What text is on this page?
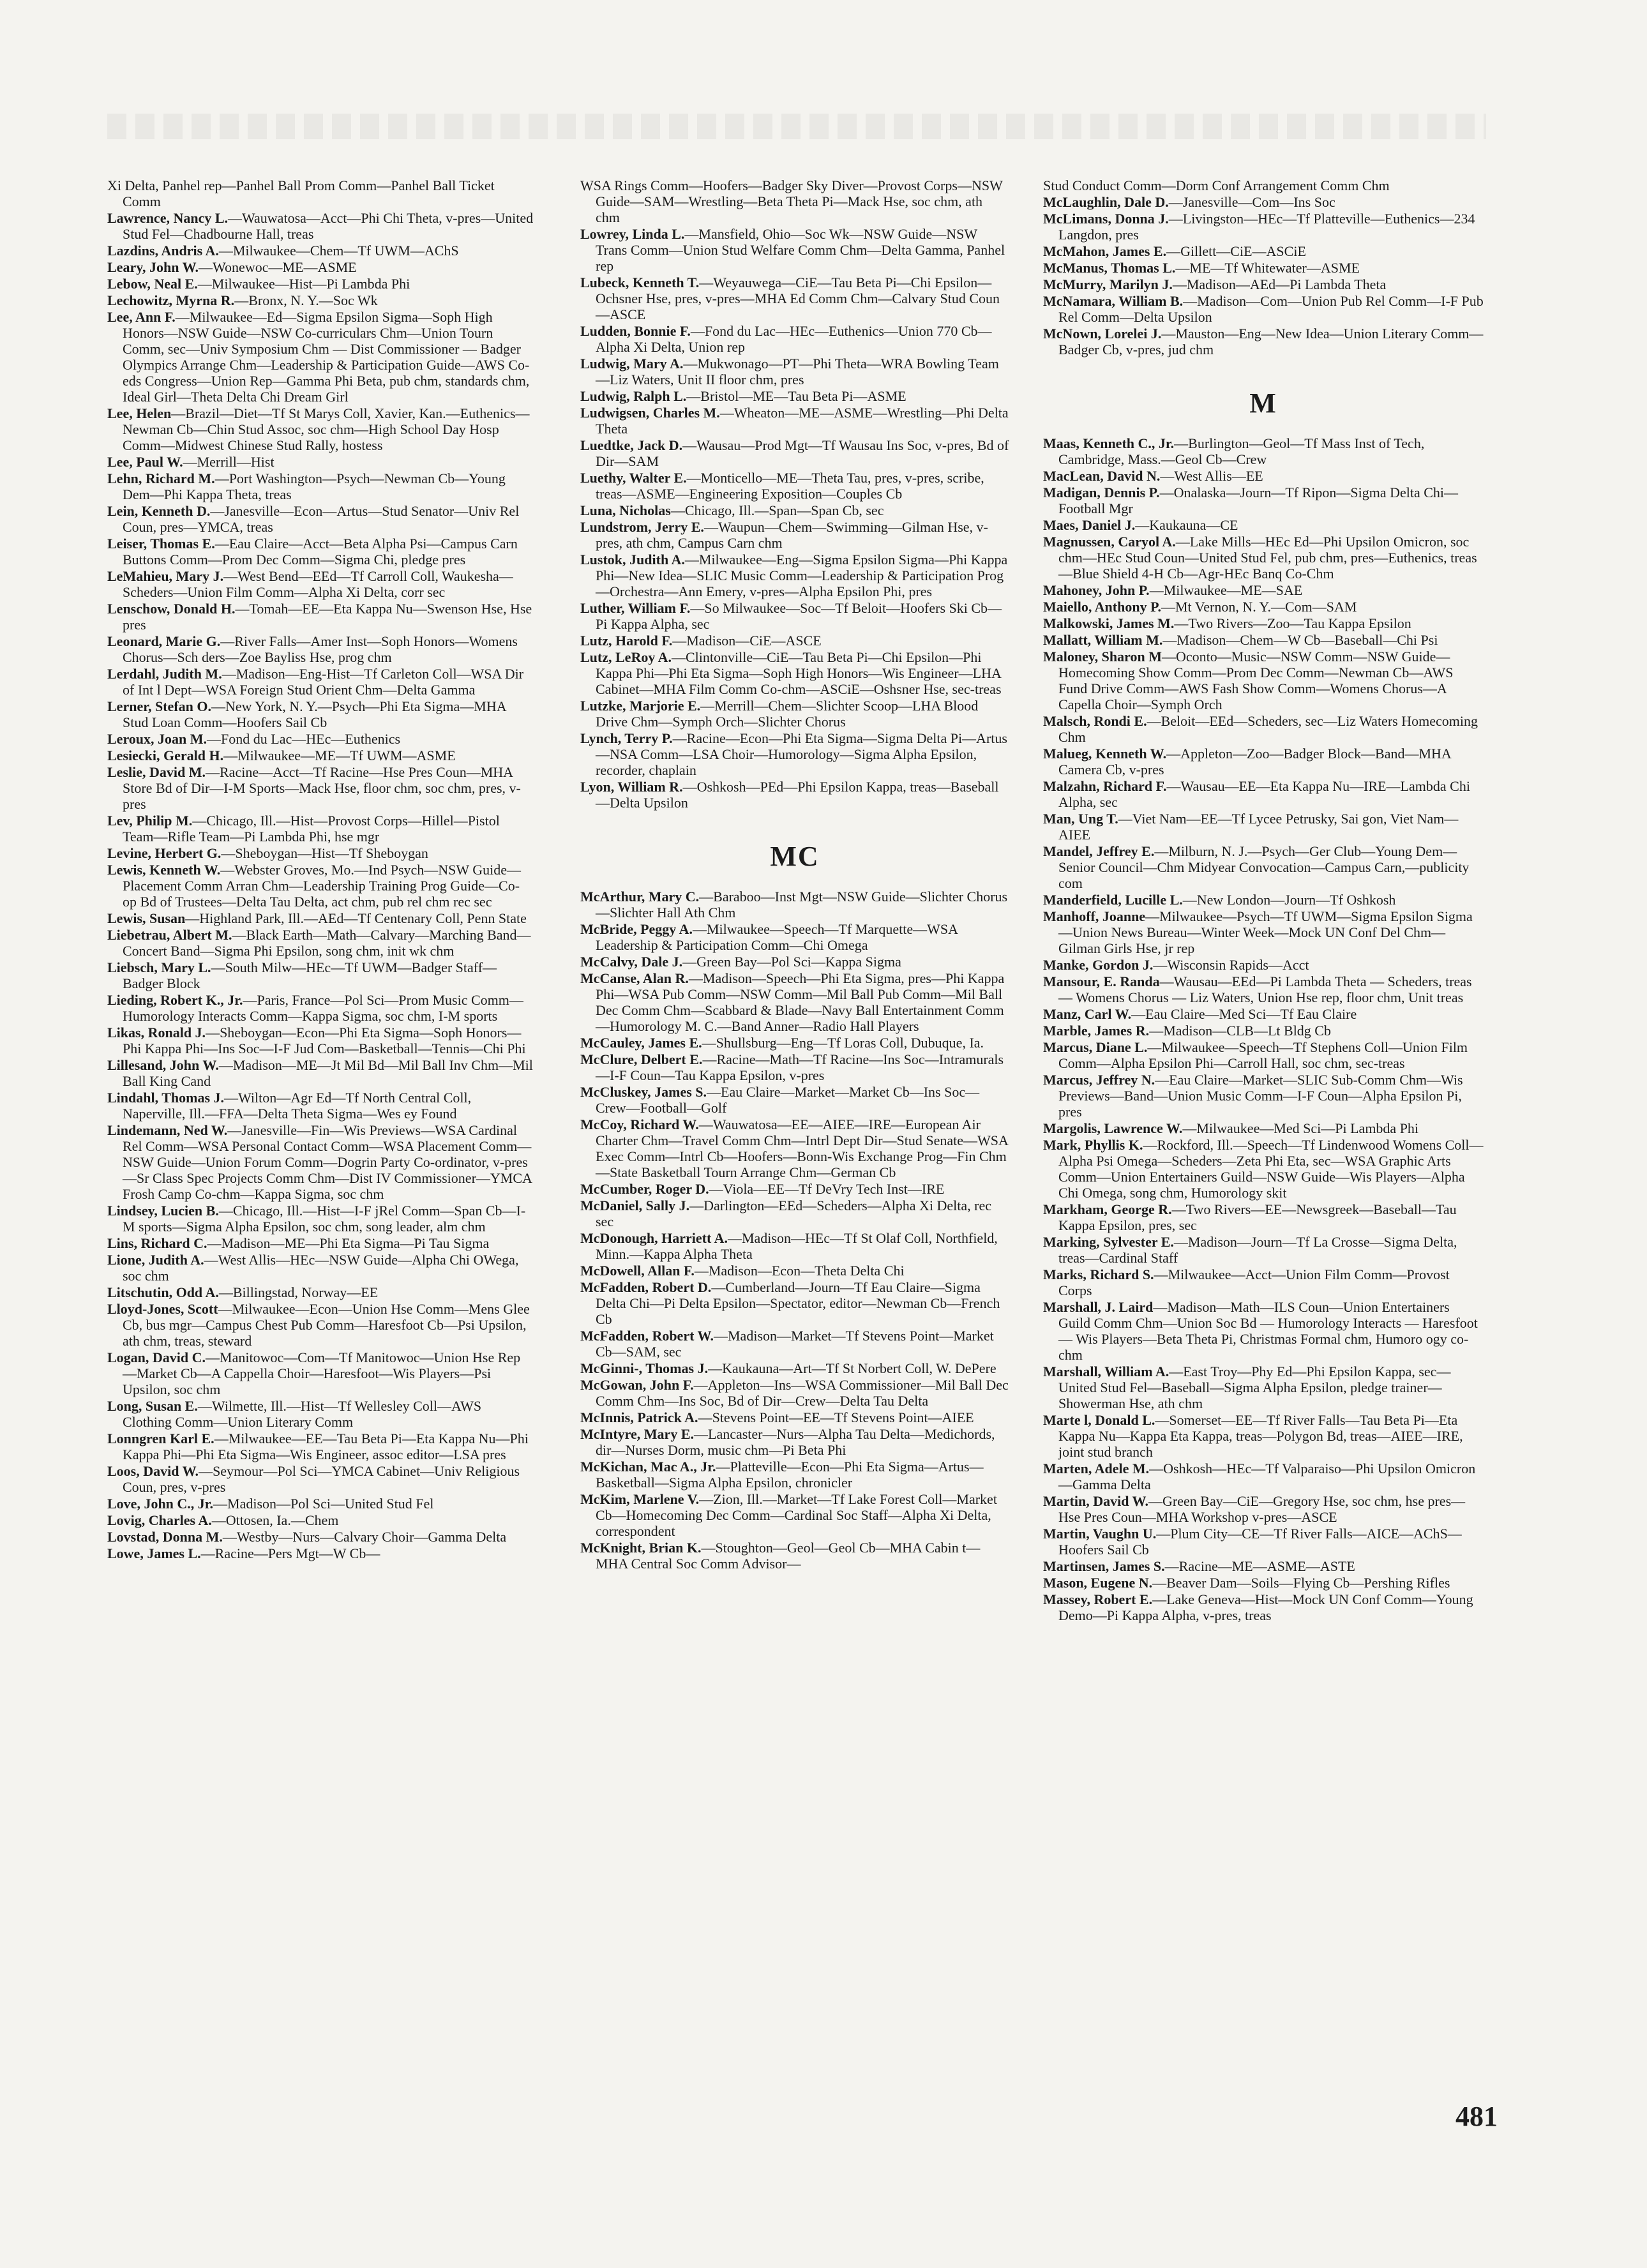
Xi Delta, Panhel rep—Panhel Ball Prom Comm—Panhel Ball Ticket Comm
Lawrence, Nancy L.—Wauwatosa—Acct—Phi Chi Theta, v-pres—United Stud Fel—Chadbourne Hall, treas
Lazdins, Andris A.—Milwaukee—Chem—Tf UWM—AChS
Leary, John W.—Wonewoc—ME—ASME
Lebow, Neal E.—Milwaukee—Hist—Pi Lambda Phi
Lechowitz, Myrna R.—Bronx, N. Y.—Soc Wk
Lee, Ann F.—Milwaukee—Ed—Sigma Epsilon Sigma—Soph High Honors—NSW Guide—NSW Co-curriculars Chm—Union Tourn Comm, sec—Univ Symposium Chm — Dist Commissioner — Badger Olympics Arrange Chm—Leadership & Participation Guide—AWS Co-eds Congress—Union Rep—Gamma Phi Beta, pub chm, standards chm, Ideal Girl—Theta Delta Chi Dream Girl
Lee, Helen—Brazil—Diet—Tf St Marys Coll, Xavier, Kan.—Euthenics—Newman Cb—Chin Stud Assoc, soc chm—High School Day Hosp Comm—Midwest Chinese Stud Rally, hostess
Lee, Paul W.—Merrill—Hist
Lehn, Richard M.—Port Washington—Psych—Newman Cb—Young Dem—Phi Kappa Theta, treas
Lein, Kenneth D.—Janesville—Econ—Artus—Stud Senator—Univ Rel Coun, pres—YMCA, treas
Leiser, Thomas E.—Eau Claire—Acct—Beta Alpha Psi—Campus Carn Buttons Comm—Prom Dec Comm—Sigma Chi, pledge pres
LeMahieu, Mary J.—West Bend—EEd—Tf Carroll Coll, Waukesha—Scheders—Union Film Comm—Alpha Xi Delta, corr sec
Lenschow, Donald H.—Tomah—EE—Eta Kappa Nu—Swenson Hse, Hse pres
Leonard, Marie G.—River Falls—Amer Inst—Soph Honors—Womens Chorus—Sch ders—Zoe Bayliss Hse, prog chm
Lerdahl, Judith M.—Madison—Eng-Hist—Tf Carleton Coll—WSA Dir of Int l Dept—WSA Foreign Stud Orient Chm—Delta Gamma
Lerner, Stefan O.—New York, N. Y.—Psych—Phi Eta Sigma—MHA Stud Loan Comm—Hoofers Sail Cb
Leroux, Joan M.—Fond du Lac—HEc—Euthenics
Lesiecki, Gerald H.—Milwaukee—ME—Tf UWM—ASME
Leslie, David M.—Racine—Acct—Tf Racine—Hse Pres Coun—MHA Store Bd of Dir—I-M Sports—Mack Hse, floor chm, soc chm, pres, v-pres
Lev, Philip M.—Chicago, Ill.—Hist—Provost Corps—Hillel—Pistol Team—Rifle Team—Pi Lambda Phi, hse mgr
Levine, Herbert G.—Sheboygan—Hist—Tf Sheboygan
Lewis, Kenneth W.—Webster Groves, Mo.—Ind Psych—NSW Guide—Placement Comm Arran Chm—Leadership Training Prog Guide—Co-op Bd of Trustees—Delta Tau Delta, act chm, pub rel chm rec sec
Lewis, Susan—Highland Park, Ill.—AEd—Tf Centenary Coll, Penn State
Liebetrau, Albert M.—Black Earth—Math—Calvary—Marching Band—Concert Band—Sigma Phi Epsilon, song chm, init wk chm
Liebsch, Mary L.—South Milw—HEc—Tf UWM—Badger Staff—Badger Block
Lieding, Robert K., Jr.—Paris, France—Pol Sci—Prom Music Comm—Humorology Interacts Comm—Kappa Sigma, soc chm, I-M sports
Likas, Ronald J.—Sheboygan—Econ—Phi Eta Sigma—Soph Honors—Phi Kappa Phi—Ins Soc—I-F Jud Com—Basketball—Tennis—Chi Phi
Lillesand, John W.—Madison—ME—Jt Mil Bd—Mil Ball Inv Chm—Mil Ball King Cand
Lindahl, Thomas J.—Wilton—Agr Ed—Tf North Central Coll, Naperville, Ill.—FFA—Delta Theta Sigma—Wes ey Found
Lindemann, Ned W.—Janesville—Fin—Wis Previews—WSA Cardinal Rel Comm—WSA Personal Contact Comm—WSA Placement Comm—NSW Guide—Union Forum Comm—Dogrin Party Co-ordinator, v-pres—Sr Class Spec Projects Comm Chm—Dist IV Commissioner—YMCA Frosh Camp Co-chm—Kappa Sigma, soc chm
Lindsey, Lucien B.—Chicago, Ill.—Hist—I-F jRel Comm—Span Cb—I-M sports—Sigma Alpha Epsilon, soc chm, song leader, alm chm
Lins, Richard C.—Madison—ME—Phi Eta Sigma—Pi Tau Sigma
Lione, Judith A.—West Allis—HEc—NSW Guide—Alpha Chi OWega, soc chm
Litschutin, Odd A.—Billingstad, Norway—EE
Lloyd-Jones, Scott—Milwaukee—Econ—Union Hse Comm—Mens Glee Cb, bus mgr—Campus Chest Pub Comm—Haresfoot Cb—Psi Upsilon, ath chm, treas, steward
Logan, David C.—Manitowoc—Com—Tf Manitowoc—Union Hse Rep—Market Cb—A Cappella Choir—Haresfoot—Wis Players—Psi Upsilon, soc chm
Long, Susan E.—Wilmette, Ill.—Hist—Tf Wellesley Coll—AWS Clothing Comm—Union Literary Comm
Lonngren Karl E.—Milwaukee—EE—Tau Beta Pi—Eta Kappa Nu—Phi Kappa Phi—Phi Eta Sigma—Wis Engineer, assoc editor—LSA pres
Loos, David W.—Seymour—Pol Sci—YMCA Cabinet—Univ Religious Coun, pres, v-pres
Love, John C., Jr.—Madison—Pol Sci—United Stud Fel
Lovig, Charles A.—Ottosen, Ia.—Chem
Lovstad, Donna M.—Westby—Nurs—Calvary Choir—Gamma Delta
Lowe, James L.—Racine—Pers Mgt—W Cb—
WSA Rings Comm—Hoofers—Badger Sky Diver—Provost Corps—NSW Guide—SAM—Wrestling—Beta Theta Pi—Mack Hse, soc chm, ath chm
Lowrey, Linda L.—Mansfield, Ohio—Soc Wk—NSW Guide—NSW Trans Comm—Union Stud Welfare Comm Chm—Delta Gamma, Panhel rep
Lubeck, Kenneth T.—Weyauwega—CiE—Tau Beta Pi—Chi Epsilon—Ochsner Hse, pres, v-pres—MHA Ed Comm Chm—Calvary Stud Coun—ASCE
Ludden, Bonnie F.—Fond du Lac—HEc—Euthenics—Union 770 Cb—Alpha Xi Delta, Union rep
Ludwig, Mary A.—Mukwonago—PT—Phi Theta—WRA Bowling Team—Liz Waters, Unit II floor chm, pres
Ludwig, Ralph L.—Bristol—ME—Tau Beta Pi—ASME
Ludwigsen, Charles M.—Wheaton—ME—ASME—Wrestling—Phi Delta Theta
Luedtke, Jack D.—Wausau—Prod Mgt—Tf Wausau Ins Soc, v-pres, Bd of Dir—SAM
Luethy, Walter E.—Monticello—ME—Theta Tau, pres, v-pres, scribe, treas—ASME—Engineering Exposition—Couples Cb
Luna, Nicholas—Chicago, Ill.—Span—Span Cb, sec
Lundstrom, Jerry E.—Waupun—Chem—Swimming—Gilman Hse, v-pres, ath chm, Campus Carn chm
Lustok, Judith A.—Milwaukee—Eng—Sigma Epsilon Sigma—Phi Kappa Phi—New Idea—SLIC Music Comm—Leadership & Participation Prog—Orchestra—Ann Emery, v-pres—Alpha Epsilon Phi, pres
Luther, William F.—So Milwaukee—Soc—Tf Beloit—Hoofers Ski Cb—Pi Kappa Alpha, sec
Lutz, Harold F.—Madison—CiE—ASCE
Lutz, LeRoy A.—Clintonville—CiE—Tau Beta Pi—Chi Epsilon—Phi Kappa Phi—Phi Eta Sigma—Soph High Honors—Wis Engineer—LHA Cabinet—MHA Film Comm Co-chm—ASCiE—Oshsner Hse, sec-treas
Lutzke, Marjorie E.—Merrill—Chem—Slichter Scoop—LHA Blood Drive Chm—Symph Orch—Slichter Chorus
Lynch, Terry P.—Racine—Econ—Phi Eta Sigma—Sigma Delta Pi—Artus—NSA Comm—LSA Choir—Humorology—Sigma Alpha Epsilon, recorder, chaplain
Lyon, William R.—Oshkosh—PEd—Phi Epsilon Kappa, treas—Baseball—Delta Upsilon
MC
McArthur, Mary C.—Baraboo—Inst Mgt—NSW Guide—Slichter Chorus—Slichter Hall Ath Chm
McBride, Peggy A.—Milwaukee—Speech—Tf Marquette—WSA Leadership & Participation Comm—Chi Omega
McCalvy, Dale J.—Green Bay—Pol Sci—Kappa Sigma
McCanse, Alan R.—Madison—Speech—Phi Eta Sigma, pres—Phi Kappa Phi—WSA Pub Comm—NSW Comm—Mil Ball Pub Comm—Mil Ball Dec Comm Chm—Scabbard & Blade—Navy Ball Entertainment Comm—Humorology M. C.—Band Anner—Radio Hall Players
McCauley, James E.—Shullsburg—Eng—Tf Loras Coll, Dubuque, Ia.
McClure, Delbert E.—Racine—Math—Tf Racine—Ins Soc—Intramurals—I-F Coun—Tau Kappa Epsilon, v-pres
McCluskey, James S.—Eau Claire—Market—Market Cb—Ins Soc—Crew—Football—Golf
McCoy, Richard W.—Wauwatosa—EE—AIEE—IRE—European Air Charter Chm—Travel Comm Chm—Intrl Dept Dir—Stud Senate—WSA Exec Comm—Intrl Cb—Hoofers—Bonn-Wis Exchange Prog—Fin Chm—State Basketball Tourn Arrange Chm—German Cb
McCumber, Roger D.—Viola—EE—Tf DeVry Tech Inst—IRE
McDaniel, Sally J.—Darlington—EEd—Scheders—Alpha Xi Delta, rec sec
McDonough, Harriett A.—Madison—HEc—Tf St Olaf Coll, Northfield, Minn.—Kappa Alpha Theta
McDowell, Allan F.—Madison—Econ—Theta Delta Chi
McFadden, Robert D.—Cumberland—Journ—Tf Eau Claire—Sigma Delta Chi—Pi Delta Epsilon—Spectator, editor—Newman Cb—French Cb
McFadden, Robert W.—Madison—Market—Tf Stevens Point—Market Cb—SAM, sec
McGinni-, Thomas J.—Kaukauna—Art—Tf St Norbert Coll, W. DePere
McGowan, John F.—Appleton—Ins—WSA Commissioner—Mil Ball Dec Comm Chm—Ins Soc, Bd of Dir—Crew—Delta Tau Delta
McInnis, Patrick A.—Stevens Point—EE—Tf Stevens Point—AIEE
McIntyre, Mary E.—Lancaster—Nurs—Alpha Tau Delta—Medichords, dir—Nurses Dorm, music chm—Pi Beta Phi
McKichan, Mac A., Jr.—Platteville—Econ—Phi Eta Sigma—Artus—Basketball—Sigma Alpha Epsilon, chronicler
McKim, Marlene V.—Zion, Ill.—Market—Tf Lake Forest Coll—Market Cb—Homecoming Dec Comm—Cardinal Soc Staff—Alpha Xi Delta, correspondent
McKnight, Brian K.—Stoughton—Geol—Geol Cb—MHA Cabin t—MHA Central Soc Comm Advisor—
Stud Conduct Comm—Dorm Conf Arrangement Comm Chm
McLaughlin, Dale D.—Janesville—Com—Ins Soc
McLimans, Donna J.—Livingston—HEc—Tf Platteville—Euthenics—234 Langdon, pres
McMahon, James E.—Gillett—CiE—ASCiE
McManus, Thomas L.—ME—Tf Whitewater—ASME
McMurry, Marilyn J.—Madison—AEd—Pi Lambda Theta
McNamara, William B.—Madison—Com—Union Pub Rel Comm—I-F Pub Rel Comm—Delta Upsilon
McNown, Lorelei J.—Mauston—Eng—New Idea—Union Literary Comm—Badger Cb, v-pres, jud chm
M
Maas, Kenneth C., Jr.—Burlington—Geol—Tf Mass Inst of Tech, Cambridge, Mass.—Geol Cb—Crew
MacLean, David N.—West Allis—EE
Madigan, Dennis P.—Onalaska—Journ—Tf Ripon—Sigma Delta Chi—Football Mgr
Maes, Daniel J.—Kaukauna—CE
Magnussen, Caryol A.—Lake Mills—HEc Ed—Phi Upsilon Omicron, soc chm—HEc Stud Coun—United Stud Fel, pub chm, pres—Euthenics, treas—Blue Shield 4-H Cb—Agr-HEc Banq Co-Chm
Mahoney, John P.—Milwaukee—ME—SAE
Maiello, Anthony P.—Mt Vernon, N. Y.—Com—SAM
Malkowski, James M.—Two Rivers—Zoo—Tau Kappa Epsilon
Mallatt, William M.—Madison—Chem—W Cb—Baseball—Chi Psi
Maloney, Sharon M—Oconto—Music—NSW Comm—NSW Guide—Homecoming Show Comm—Prom Dec Comm—Newman Cb—AWS Fund Drive Comm—AWS Fash Show Comm—Womens Chorus—A Capella Choir—Symph Orch
Malsch, Rondi E.—Beloit—EEd—Scheders, sec—Liz Waters Homecoming Chm
Malueg, Kenneth W.—Appleton—Zoo—Badger Block—Band—MHA Camera Cb, v-pres
Malzahn, Richard F.—Wausau—EE—Eta Kappa Nu—IRE—Lambda Chi Alpha, sec
Man, Ung T.—Viet Nam—EE—Tf Lycee Petrusky, Sai gon, Viet Nam—AIEE
Mandel, Jeffrey E.—Milburn, N. J.—Psych—Ger Club—Young Dem—Senior Council—Chm Midyear Convocation—Campus Carn,—publicity com
Manderfield, Lucille L.—New London—Journ—Tf Oshkosh
Manhoff, Joanne—Milwaukee—Psych—Tf UWM—Sigma Epsilon Sigma—Union News Bureau—Winter Week—Mock UN Conf Del Chm—Gilman Girls Hse, jr rep
Manke, Gordon J.—Wisconsin Rapids—Acct
Mansour, E. Randa—Wausau—EEd—Pi Lambda Theta — Scheders, treas — Womens Chorus — Liz Waters, Union Hse rep, floor chm, Unit treas
Manz, Carl W.—Eau Claire—Med Sci—Tf Eau Claire
Marble, James R.—Madison—CLB—Lt Bldg Cb
Marcus, Diane L.—Milwaukee—Speech—Tf Stephens Coll—Union Film Comm—Alpha Epsilon Phi—Carroll Hall, soc chm, sec-treas
Marcus, Jeffrey N.—Eau Claire—Market—SLIC Sub-Comm Chm—Wis Previews—Band—Union Music Comm—I-F Coun—Alpha Epsilon Pi, pres
Margolis, Lawrence W.—Milwaukee—Med Sci—Pi Lambda Phi
Mark, Phyllis K.—Rockford, Ill.—Speech—Tf Lindenwood Womens Coll—Alpha Psi Omega—Scheders—Zeta Phi Eta, sec—WSA Graphic Arts Comm—Union Entertainers Guild—NSW Guide—Wis Players—Alpha Chi Omega, song chm, Humorology skit
Markham, George R.—Two Rivers—EE—Newsgreek—Baseball—Tau Kappa Epsilon, pres, sec
Marking, Sylvester E.—Madison—Journ—Tf La Crosse—Sigma Delta, treas—Cardinal Staff
Marks, Richard S.—Milwaukee—Acct—Union Film Comm—Provost Corps
Marshall, J. Laird—Madison—Math—ILS Coun—Union Entertainers Guild Comm Chm—Union Soc Bd — Humorology Interacts — Haresfoot — Wis Players—Beta Theta Pi, Christmas Formal chm, Humoro ogy co-chm
Marshall, William A.—East Troy—Phy Ed—Phi Epsilon Kappa, sec—United Stud Fel—Baseball—Sigma Alpha Epsilon, pledge trainer—Showerman Hse, ath chm
Marte l, Donald L.—Somerset—EE—Tf River Falls—Tau Beta Pi—Eta Kappa Nu—Kappa Eta Kappa, treas—Polygon Bd, treas—AIEE—IRE, joint stud branch
Marten, Adele M.—Oshkosh—HEc—Tf Valparaiso—Phi Upsilon Omicron—Gamma Delta
Martin, David W.—Green Bay—CiE—Gregory Hse, soc chm, hse pres—Hse Pres Coun—MHA Workshop v-pres—ASCE
Martin, Vaughn U.—Plum City—CE—Tf River Falls—AICE—AChS—Hoofers Sail Cb
Martinsen, James S.—Racine—ME—ASME—ASTE
Mason, Eugene N.—Beaver Dam—Soils—Flying Cb—Pershing Rifles
Massey, Robert E.—Lake Geneva—Hist—Mock UN Conf Comm—Young Demo—Pi Kappa Alpha, v-pres, treas
481
